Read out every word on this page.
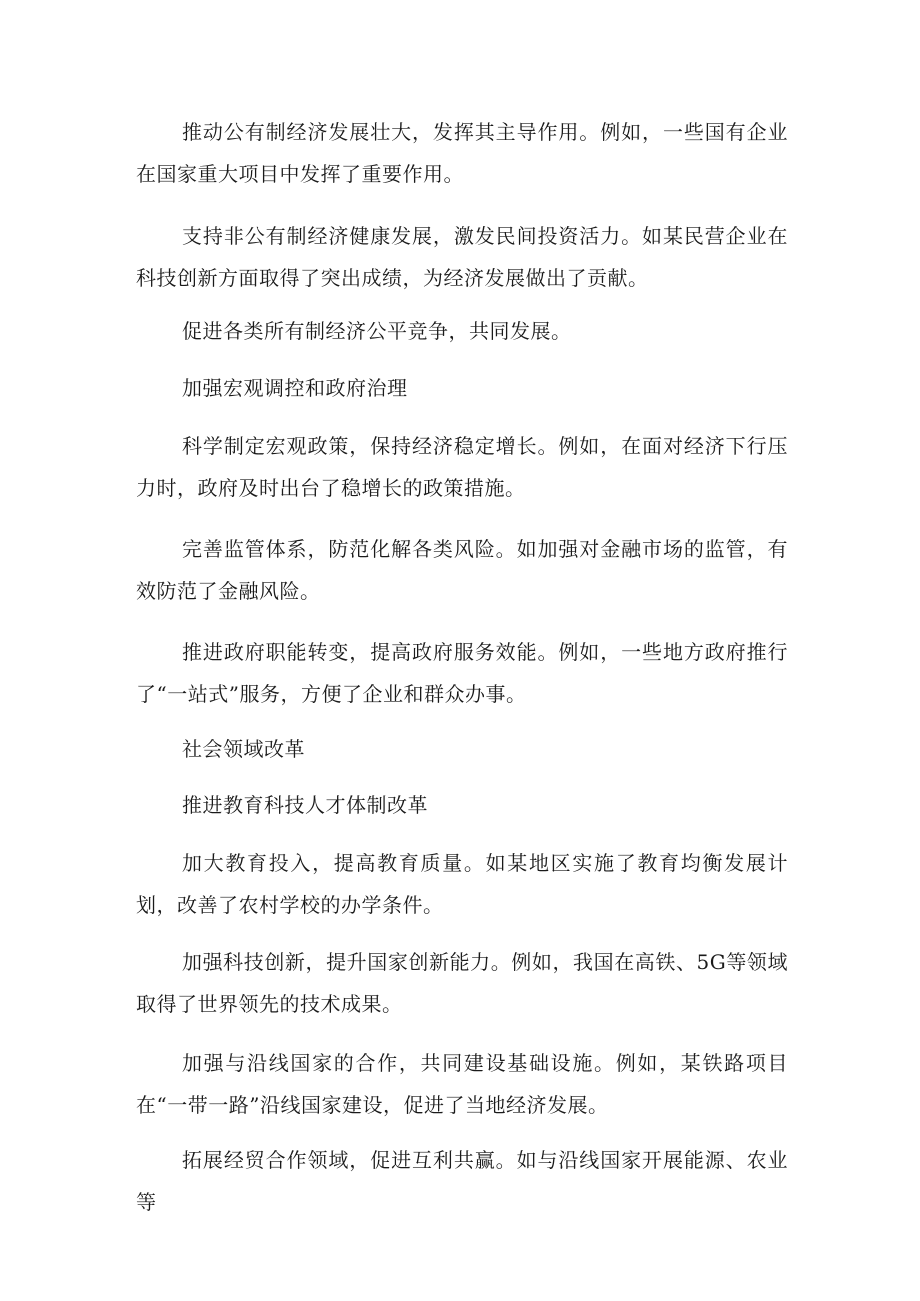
推动公有制经济发展壮大，发挥其主导作用。例如，一些国有企业在国家重大项目中发挥了重要作用。

支持非公有制经济健康发展，激发民间投资活力。如某民营企业在科技创新方面取得了突出成绩，为经济发展做出了贡献。

促进各类所有制经济公平竞争，共同发展。

加强宏观调控和政府治理

科学制定宏观政策，保持经济稳定增长。例如，在面对经济下行压力时，政府及时出台了稳增长的政策措施。

完善监管体系，防范化解各类风险。如加强对金融市场的监管，有效防范了金融风险。

推进政府职能转变，提高政府服务效能。例如，一些地方政府推行了“一站式”服务，方便了企业和群众办事。

社会领域改革

推进教育科技人才体制改革

加大教育投入，提高教育质量。如某地区实施了教育均衡发展计划，改善了农村学校的办学条件。

加强科技创新，提升国家创新能力。例如，我国在高铁、5G等领域取得了世界领先的技术成果。

加强与沿线国家的合作，共同建设基础设施。例如，某铁路项目在“一带一路”沿线国家建设，促进了当地经济发展。

拓展经贸合作领域，促进互利共赢。如与沿线国家开展能源、农业等
